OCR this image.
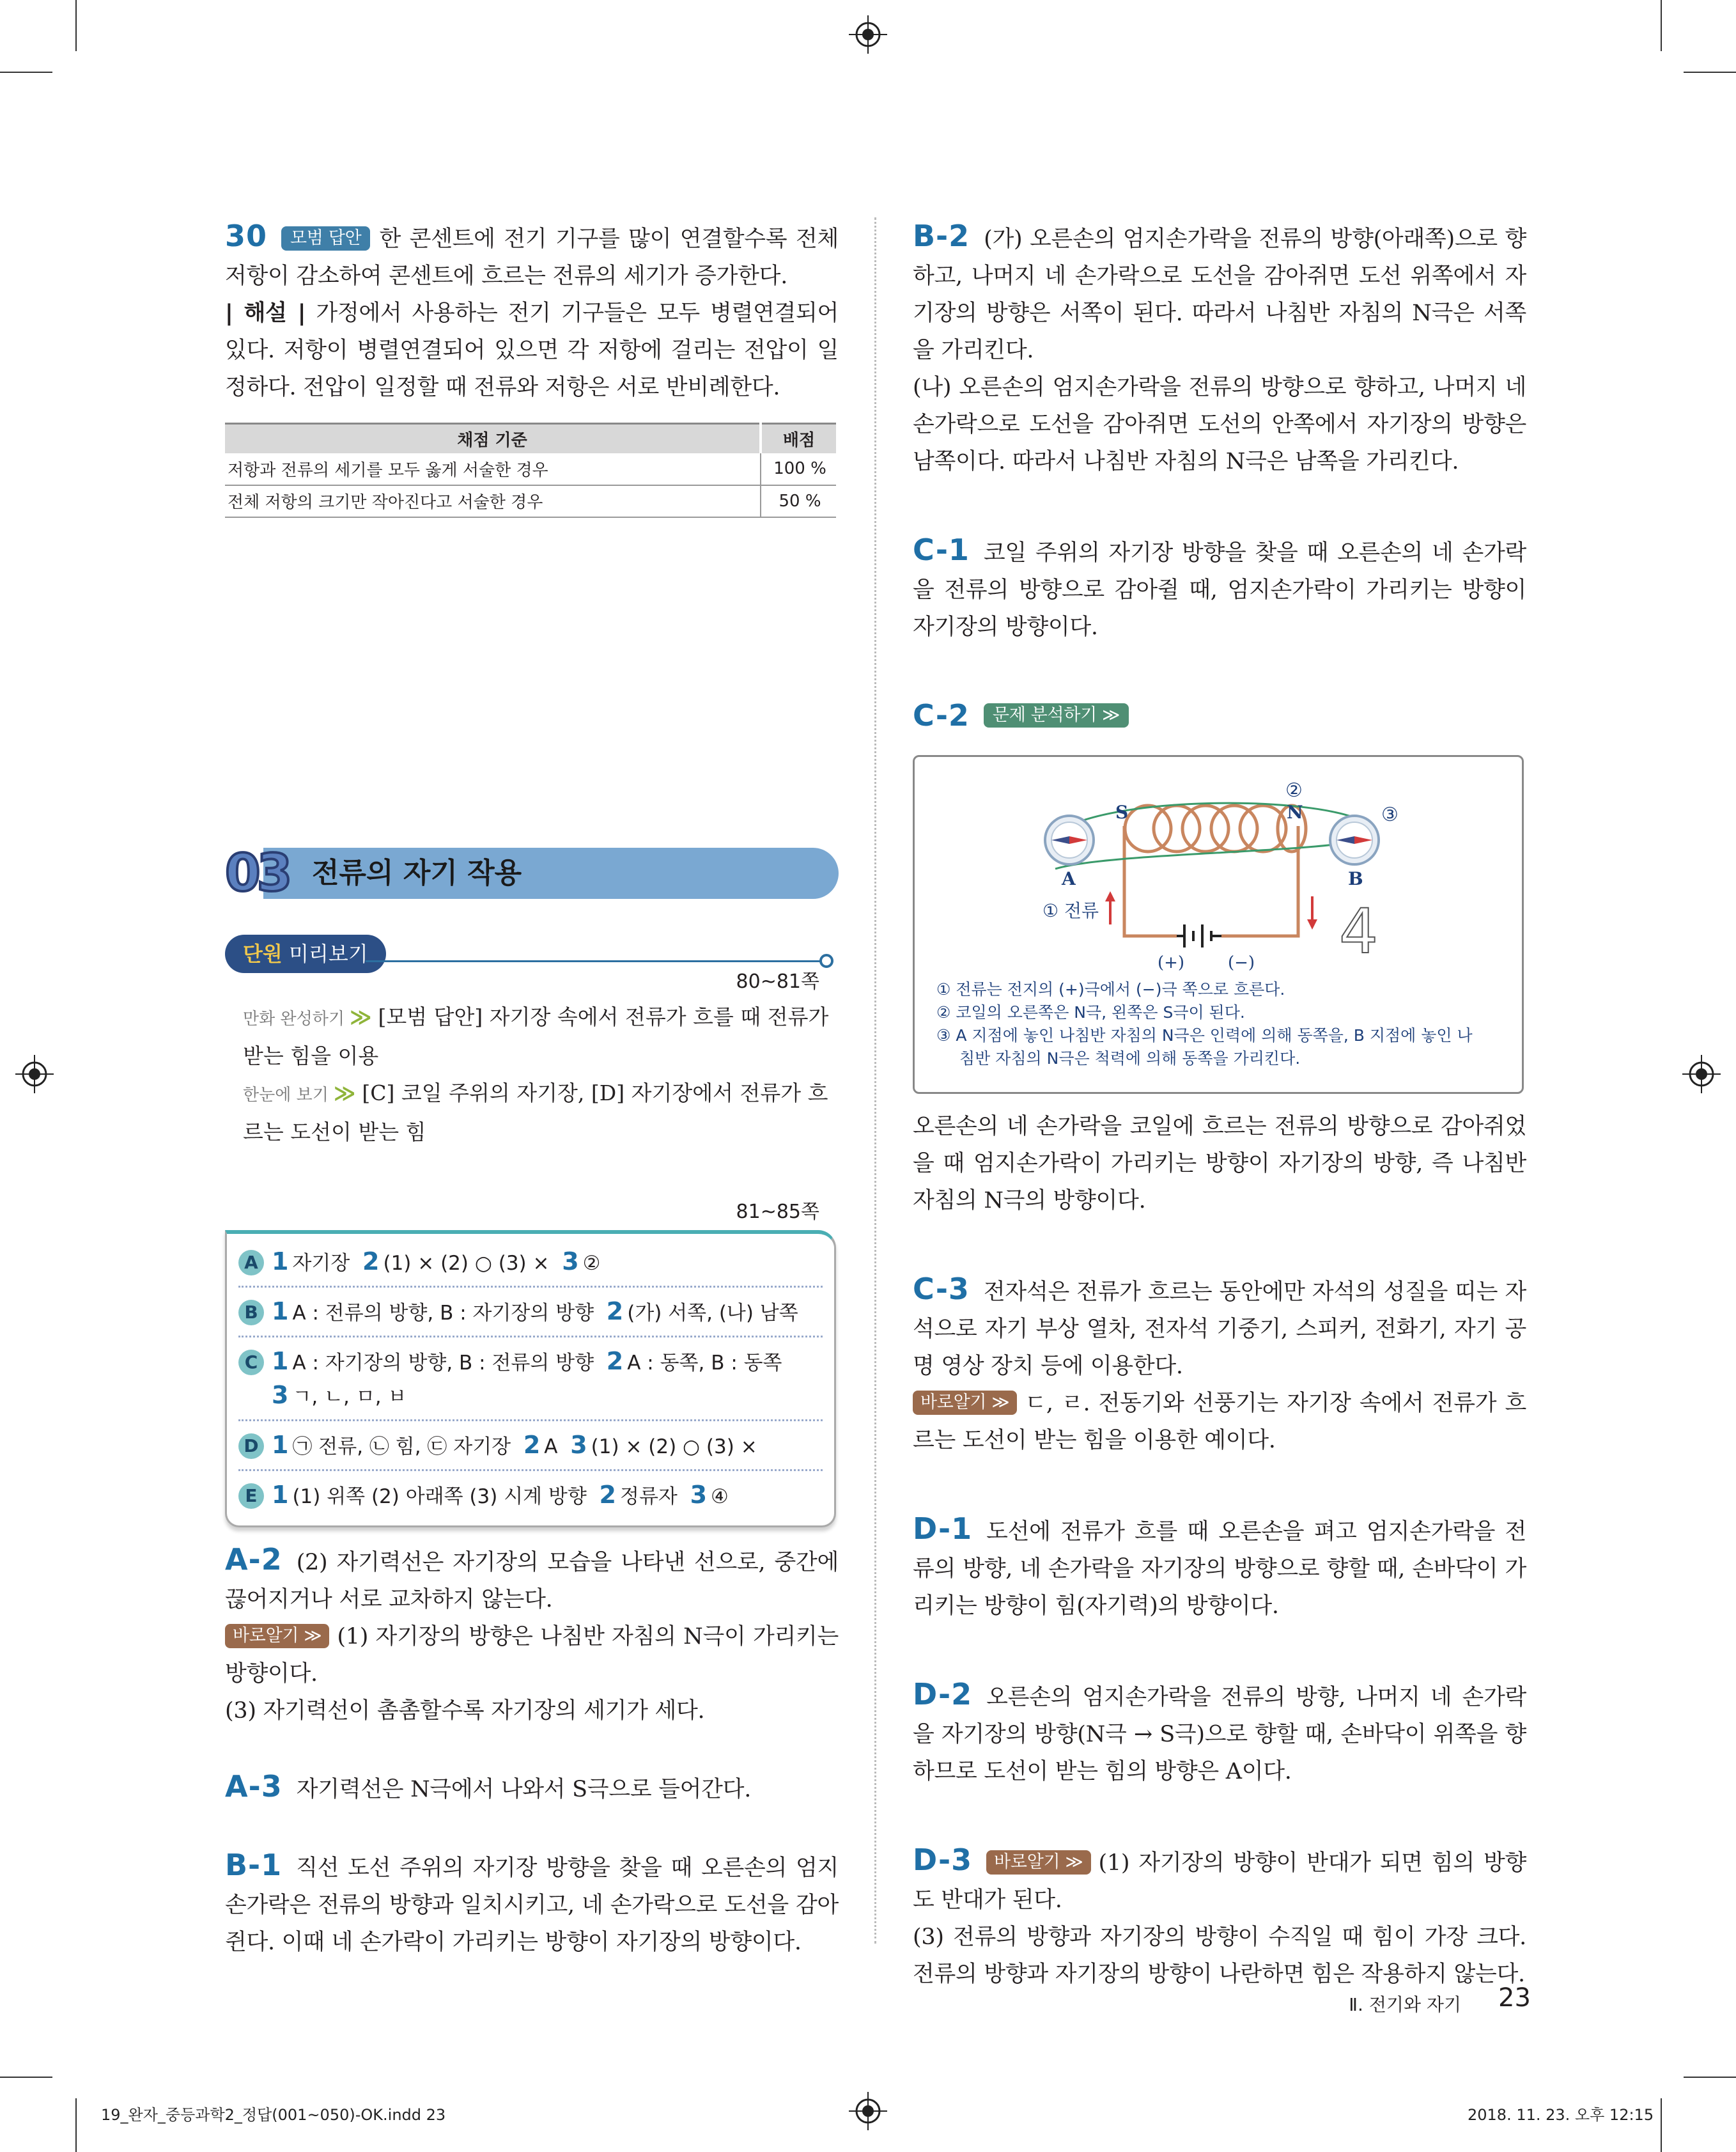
30 모범 답안 한 콘센트에 전기 기구를 많이 연결할수록 전체 저항이 감소하여 콘센트에 흐르는 전류의 세기가 증가한다.

| 해설 | 가정에서 사용하는 전기 기구들은 모두 병렬연결되어 있다. 저항이 병렬연결되어 있으면 각 저항에 걸리는 전압이 일정하다. 전압이 일정할 때 전류와 저항은 서로 반비례한다.

채점 기준	배점
저항과 전류의 세기를 모두 옳게 서술한 경우	100 %
전체 저항의 크기만 작아진다고 서술한 경우	50 %
03 전류의 자기 작용
단원 미리보기
80~81쪽
만화 완성하기 ≫ [모범 답안] 자기장 속에서 전류가 흐를 때 전류가 받는 힘을 이용
한눈에 보기 ≫ [C] 코일 주위의 자기장, [D] 자기장에서 전류가 흐르는 도선이 받는 힘
81~85쪽
A 1 자기장 2 (1) × (2) ○ (3) × 3 ②
B 1 A : 전류의 방향, B : 자기장의 방향 2 (가) 서쪽, (나) 남쪽
C 1 A : 자기장의 방향, B : 전류의 방향 2 A : 동쪽, B : 동쪽
3 ㄱ, ㄴ, ㅁ, ㅂ
D 1 ㉠ 전류, ㉡ 힘, ㉢ 자기장 2 A 3 (1) × (2) ○ (3) ×
E 1 (1) 위쪽 (2) 아래쪽 (3) 시계 방향 2 정류자 3 ④

A-2 (2) 자기력선은 자기장의 모습을 나타낸 선으로, 중간에 끊어지거나 서로 교차하지 않는다.

바로알기 ≫ (1) 자기장의 방향은 나침반 자침의 N극이 가리키는 방향이다.

(3) 자기력선이 촘촘할수록 자기장의 세기가 세다.

A-3 자기력선은 N극에서 나와서 S극으로 들어간다.

B-1 직선 도선 주위의 자기장 방향을 찾을 때 오른손의 엄지손가락은 전류의 방향과 일치시키고, 네 손가락으로 도선을 감아쥔다. 이때 네 손가락이 가리키는 방향이 자기장의 방향이다.

B-2 (가) 오른손의 엄지손가락을 전류의 방향(아래쪽)으로 향하고, 나머지 네 손가락으로 도선을 감아쥐면 도선 위쪽에서 자기장의 방향은 서쪽이 된다. 따라서 나침반 자침의 N극은 서쪽을 가리킨다.

(나) 오른손의 엄지손가락을 전류의 방향으로 향하고, 나머지 네 손가락으로 도선을 감아쥐면 도선의 안쪽에서 자기장의 방향은 남쪽이다. 따라서 나침반 자침의 N극은 남쪽을 가리킨다.

C-1 코일 주위의 자기장 방향을 찾을 때 오른손의 네 손가락을 전류의 방향으로 감아쥘 때, 엄지손가락이 가리키는 방향이 자기장의 방향이다.

C-2 문제 분석하기 ≫

S	N
②
③
A	B
① 전류
(+)	(−) 4
① 전류는 전지의 (+)극에서 (−)극 쪽으로 흐른다.
② 코일의 오른쪽은 N극, 왼쪽은 S극이 된다.
③ A 지점에 놓인 나침반 자침의 N극은 인력에 의해 동쪽을, B 지점에 놓인 나
침반 자침의 N극은 척력에 의해 동쪽을 가리킨다.

오른손의 네 손가락을 코일에 흐르는 전류의 방향으로 감아쥐었을 때 엄지손가락이 가리키는 방향이 자기장의 방향, 즉 나침반 자침의 N극의 방향이다.

C-3 전자석은 전류가 흐르는 동안에만 자석의 성질을 띠는 자석으로 자기 부상 열차, 전자석 기중기, 스피커, 전화기, 자기 공명 영상 장치 등에 이용한다.

바로알기 ≫ ㄷ, ㄹ. 전동기와 선풍기는 자기장 속에서 전류가 흐르는 도선이 받는 힘을 이용한 예이다.

D-1 도선에 전류가 흐를 때 오른손을 펴고 엄지손가락을 전류의 방향, 네 손가락을 자기장의 방향으로 향할 때, 손바닥이 가리키는 방향이 힘(자기력)의 방향이다.

D-2 오른손의 엄지손가락을 전류의 방향, 나머지 네 손가락을 자기장의 방향(N극 → S극)으로 향할 때, 손바닥이 위쪽을 향하므로 도선이 받는 힘의 방향은 A이다.

D-3 바로알기 ≫ (1) 자기장의 방향이 반대가 되면 힘의 방향도 반대가 된다.

(3) 전류의 방향과 자기장의 방향이 수직일 때 힘이 가장 크다. 전류의 방향과 자기장의 방향이 나란하면 힘은 작용하지 않는다.

Ⅱ. 전기와 자기 23
19_완자_중등과학2_정답(001~050)-OK.indd 23	2018. 11. 23. 오후 12:15
